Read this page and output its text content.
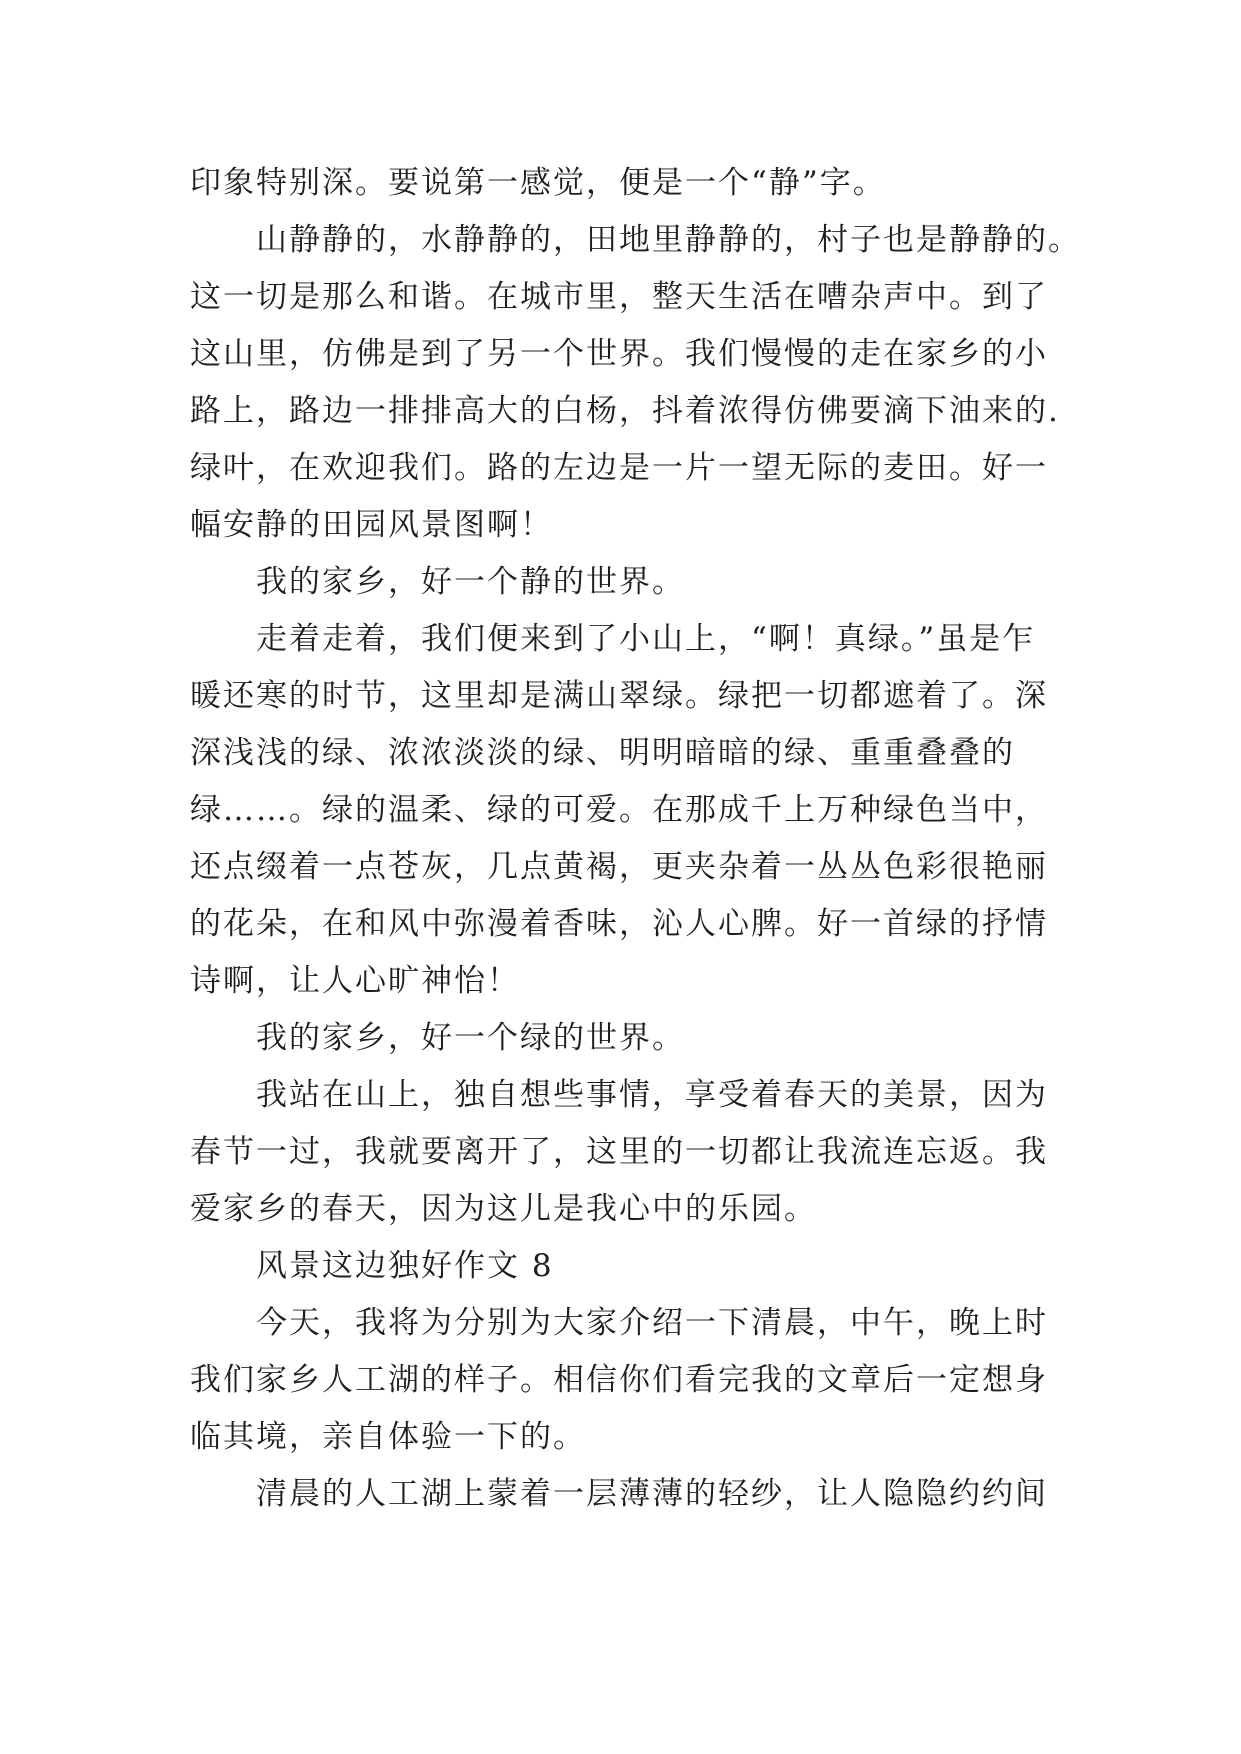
印象特别深。要说第一感觉，便是一个“静”字。
山静静的，水静静的，田地里静静的，村子也是静静的。
这一切是那么和谐。在城市里，整天生活在嘈杂声中。到了
这山里，仿佛是到了另一个世界。我们慢慢的走在家乡的小
路上，路边一排排高大的白杨，抖着浓得仿佛要滴下油来的.
绿叶，在欢迎我们。路的左边是一片一望无际的麦田。好一
幅安静的田园风景图啊！
我的家乡，好一个静的世界。
走着走着，我们便来到了小山上，“啊！真绿。”虽是乍
暖还寒的时节，这里却是满山翠绿。绿把一切都遮着了。深
深浅浅的绿、浓浓淡淡的绿、明明暗暗的绿、重重叠叠的
绿……。绿的温柔、绿的可爱。在那成千上万种绿色当中，
还点缀着一点苍灰，几点黄褐，更夹杂着一丛丛色彩很艳丽
的花朵，在和风中弥漫着香味，沁人心脾。好一首绿的抒情
诗啊，让人心旷神怡！
我的家乡，好一个绿的世界。
我站在山上，独自想些事情，享受着春天的美景，因为
春节一过，我就要离开了，这里的一切都让我流连忘返。我
爱家乡的春天，因为这儿是我心中的乐园。
风景这边独好作文 8
今天，我将为分别为大家介绍一下清晨，中午，晚上时
我们家乡人工湖的样子。相信你们看完我的文章后一定想身
临其境，亲自体验一下的。
清晨的人工湖上蒙着一层薄薄的轻纱，让人隐隐约约间
